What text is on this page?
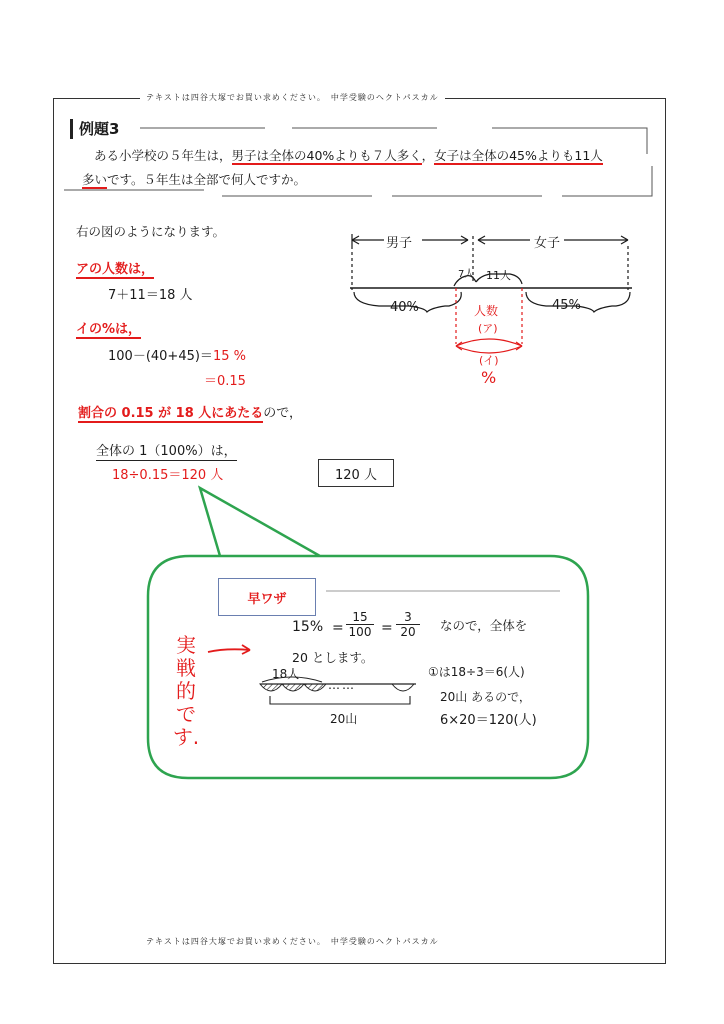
テキストは四谷大塚でお買い求めください。　中学受験のヘクトパスカル
テキストは四谷大塚でお買い求めください。　中学受験のヘクトパスカル
例題3
ある小学校の５年生は，男子は全体の40%よりも７人多く，女子は全体の45%よりも11人
多いです。５年生は全部で何人ですか。
右の図のようになります。
アの人数は，
7＋11＝18 人
イの%は，
100－(40+45)＝15 %
＝0.15
割合の 0.15 が 18 人にあたるので，
全体の 1（100%）は，
18÷0.15＝120 人	120 人
男子	女子
7人 11人
40%	45%
人数
(ア)
(イ)
%
早ワザ
$15\% = \frac{15}{100} = \frac{3}{20}$ なので，全体を
20 とします。
実
戦
的
で
す.
18人
……
20山
①は18÷3＝6(人)
20山 あるので，
6×20＝120(人)
